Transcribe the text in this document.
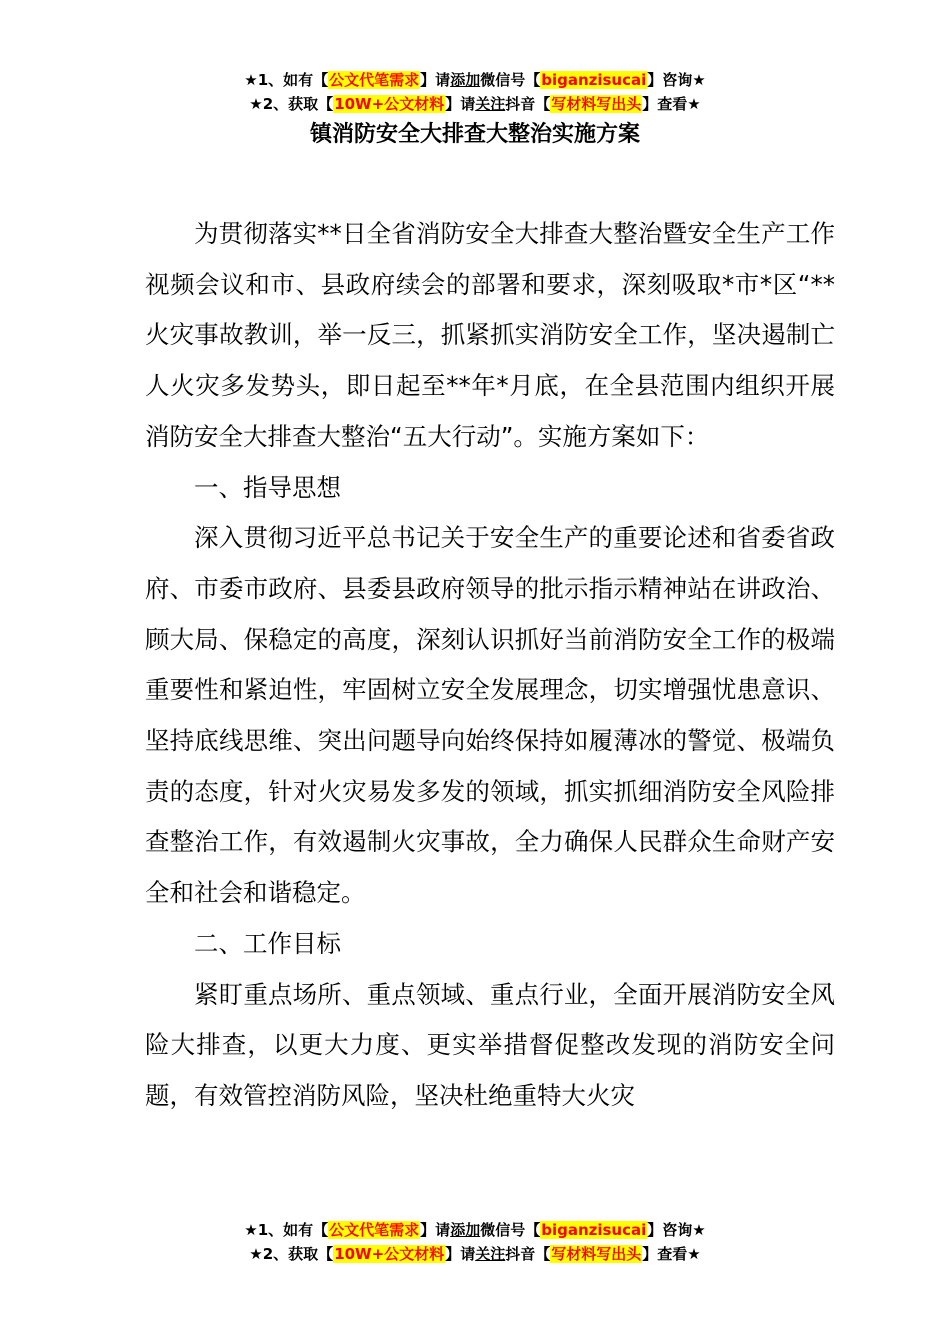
★1、如有【公文代笔需求】请添加微信号【biganzisucai】咨询★
★2、获取【10W+公文材料】请关注抖音【写材料写出头】查看★
镇消防安全大排查大整治实施方案

为贯彻落实**日全省消防安全大排查大整治暨安全生产工作视频会议和市、县政府续会的部署和要求，深刻吸取*市*区“**火灾事故教训，举一反三，抓紧抓实消防安全工作，坚决遏制亡人火灾多发势头，即日起至**年*月底，在全县范围内组织开展消防安全大排查大整治“五大行动”。实施方案如下：

一、指导思想

深入贯彻习近平总书记关于安全生产的重要论述和省委省政府、市委市政府、县委县政府领导的批示指示精神站在讲政治、顾大局、保稳定的高度，深刻认识抓好当前消防安全工作的极端重要性和紧迫性，牢固树立安全发展理念，切实增强忧患意识、坚持底线思维、突出问题导向始终保持如履薄冰的警觉、极端负责的态度，针对火灾易发多发的领域，抓实抓细消防安全风险排查整治工作，有效遏制火灾事故，全力确保人民群众生命财产安全和社会和谐稳定。

二、工作目标

紧盯重点场所、重点领域、重点行业，全面开展消防安全风险大排查，以更大力度、更实举措督促整改发现的消防安全问题，有效管控消防风险，坚决杜绝重特大火灾

★1、如有【公文代笔需求】请添加微信号【biganzisucai】咨询★
★2、获取【10W+公文材料】请关注抖音【写材料写出头】查看★
